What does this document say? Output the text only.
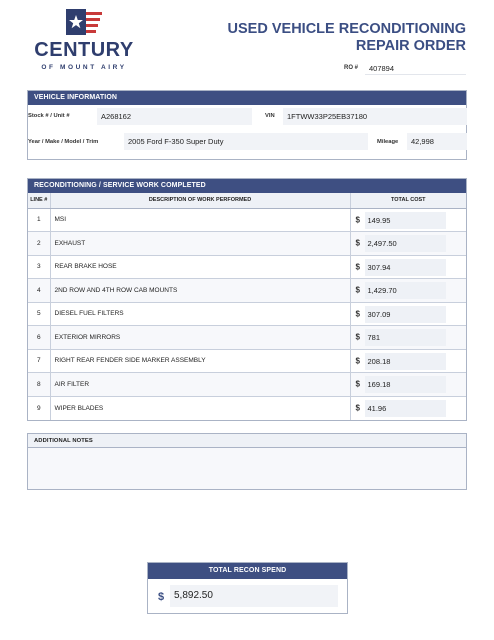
CENTURY
OF MOUNT AIRY
USED VEHICLE RECONDITIONING
REPAIR ORDER
RO #	407894
VEHICLE INFORMATION
Stock # / Unit #	A268162	VIN	1FTWW33P25EB37180
Year / Make / Model / Trim	2005 Ford F-350 Super Duty	Mileage	42,998
RECONDITIONING / SERVICE WORK COMPLETED
LINE #	DESCRIPTION OF WORK PERFORMED	TOTAL COST
1	MSI	$ 149.95

2	EXHAUST	$ 2,497.50

3	REAR BRAKE HOSE	$ 307.94

4	2ND ROW AND 4TH ROW CAB MOUNTS	$ 1,429.70

5	DIESEL FUEL FILTERS	$ 307.09

6	EXTERIOR MIRRORS	$ 781

7	RIGHT REAR FENDER SIDE MARKER ASSEMBLY	$ 208.18

8	AIR FILTER	$ 169.18

9	WIPER BLADES	$ 41.96
ADDITIONAL NOTES
TOTAL RECON SPEND
$ 5,892.50
